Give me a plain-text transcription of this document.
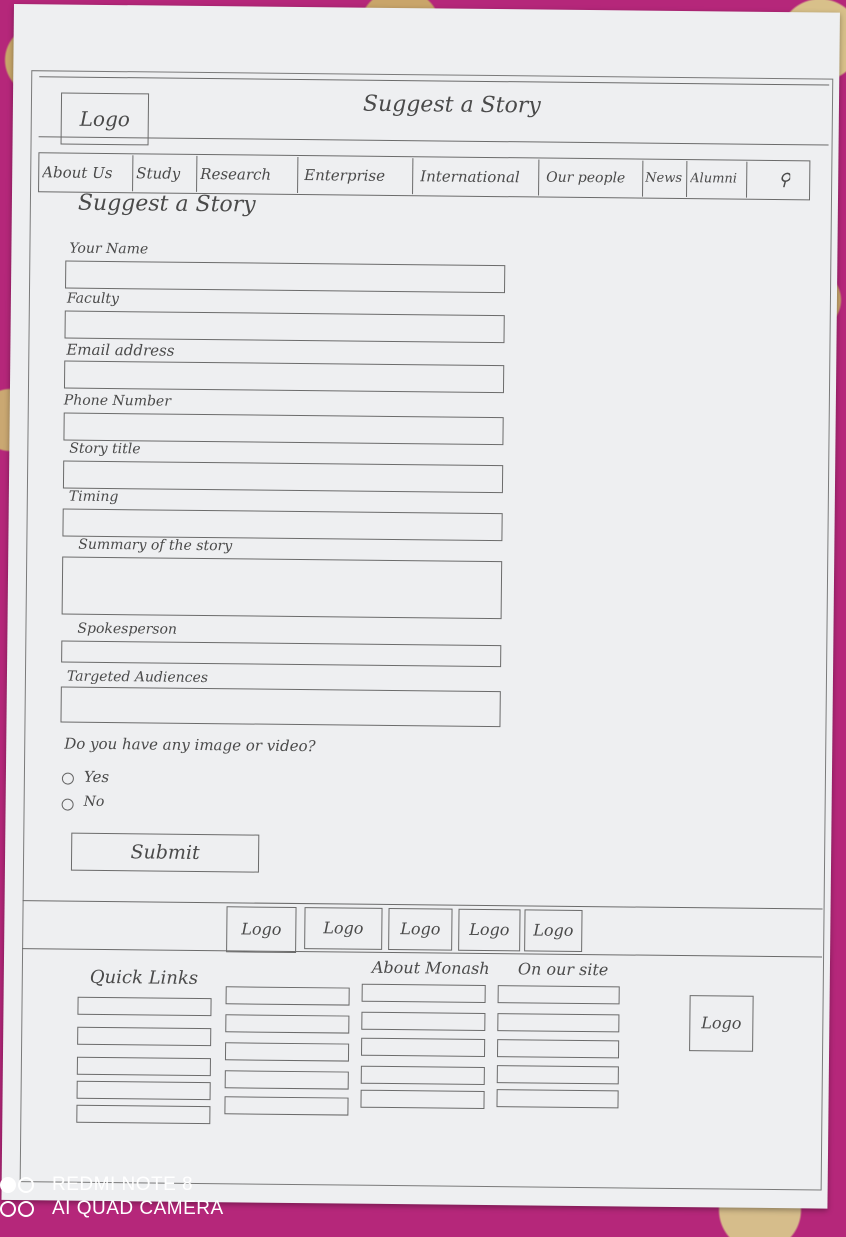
Suggest a Story
Logo
About Us Study Research Enterprise International Our people News Alumni ⚲
Suggest a Story
Your Name
Faculty
Email address
Phone Number
Story title
Timing
Summary of the story
Spokesperson
Targeted Audiences
Do you have any image or video?
Yes
No
Submit
Logo	Logo	Logo	Logo	Logo
Quick Links	About Monash On our site
Logo
REDMI NOTE 8
AI QUAD CAMERA
